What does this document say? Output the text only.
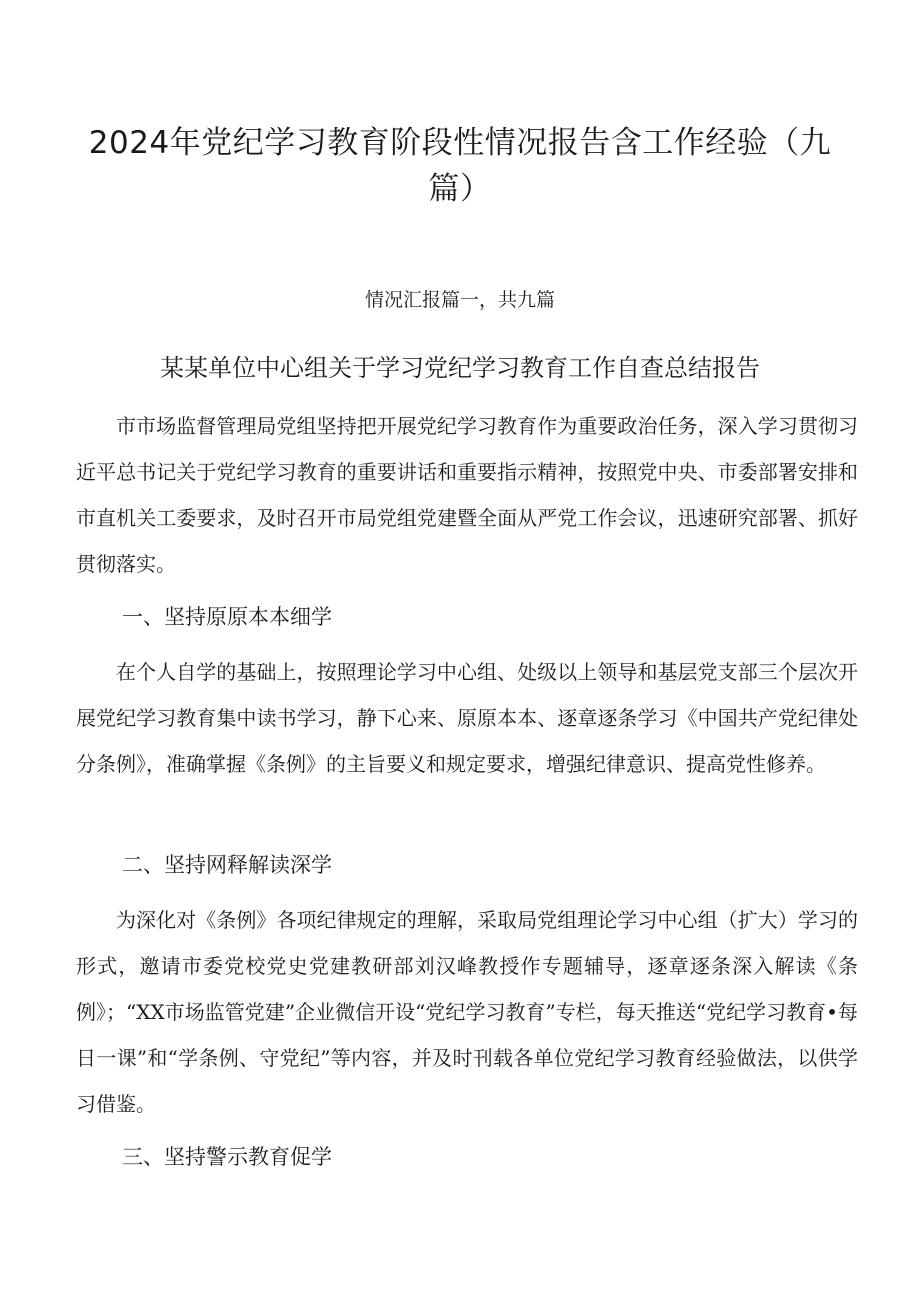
2024年党纪学习教育阶段性情况报告含工作经验（九篇）

情况汇报篇一，共九篇

某某单位中心组关于学习党纪学习教育工作自查总结报告

市市场监督管理局党组坚持把开展党纪学习教育作为重要政治任务，深入学习贯彻习近平总书记关于党纪学习教育的重要讲话和重要指示精神，按照党中央、市委部署安排和市直机关工委要求，及时召开市局党组党建暨全面从严党工作会议，迅速研究部署、抓好贯彻落实。

一、坚持原原本本细学

在个人自学的基础上，按照理论学习中心组、处级以上领导和基层党支部三个层次开展党纪学习教育集中读书学习，静下心来、原原本本、逐章逐条学习《中国共产党纪律处分条例》，准确掌握《条例》的主旨要义和规定要求，增强纪律意识、提高党性修养。

二、坚持网释解读深学

为深化对《条例》各项纪律规定的理解，采取局党组理论学习中心组（扩大）学习的形式，邀请市委党校党史党建教研部刘汉峰教授作专题辅导，逐章逐条深入解读《条例》；“XX市场监管党建”企业微信开设“党纪学习教育”专栏，每天推送“党纪学习教育•每日一课”和“学条例、守党纪”等内容，并及时刊载各单位党纪学习教育经验做法，以供学习借鉴。

三、坚持警示教育促学
